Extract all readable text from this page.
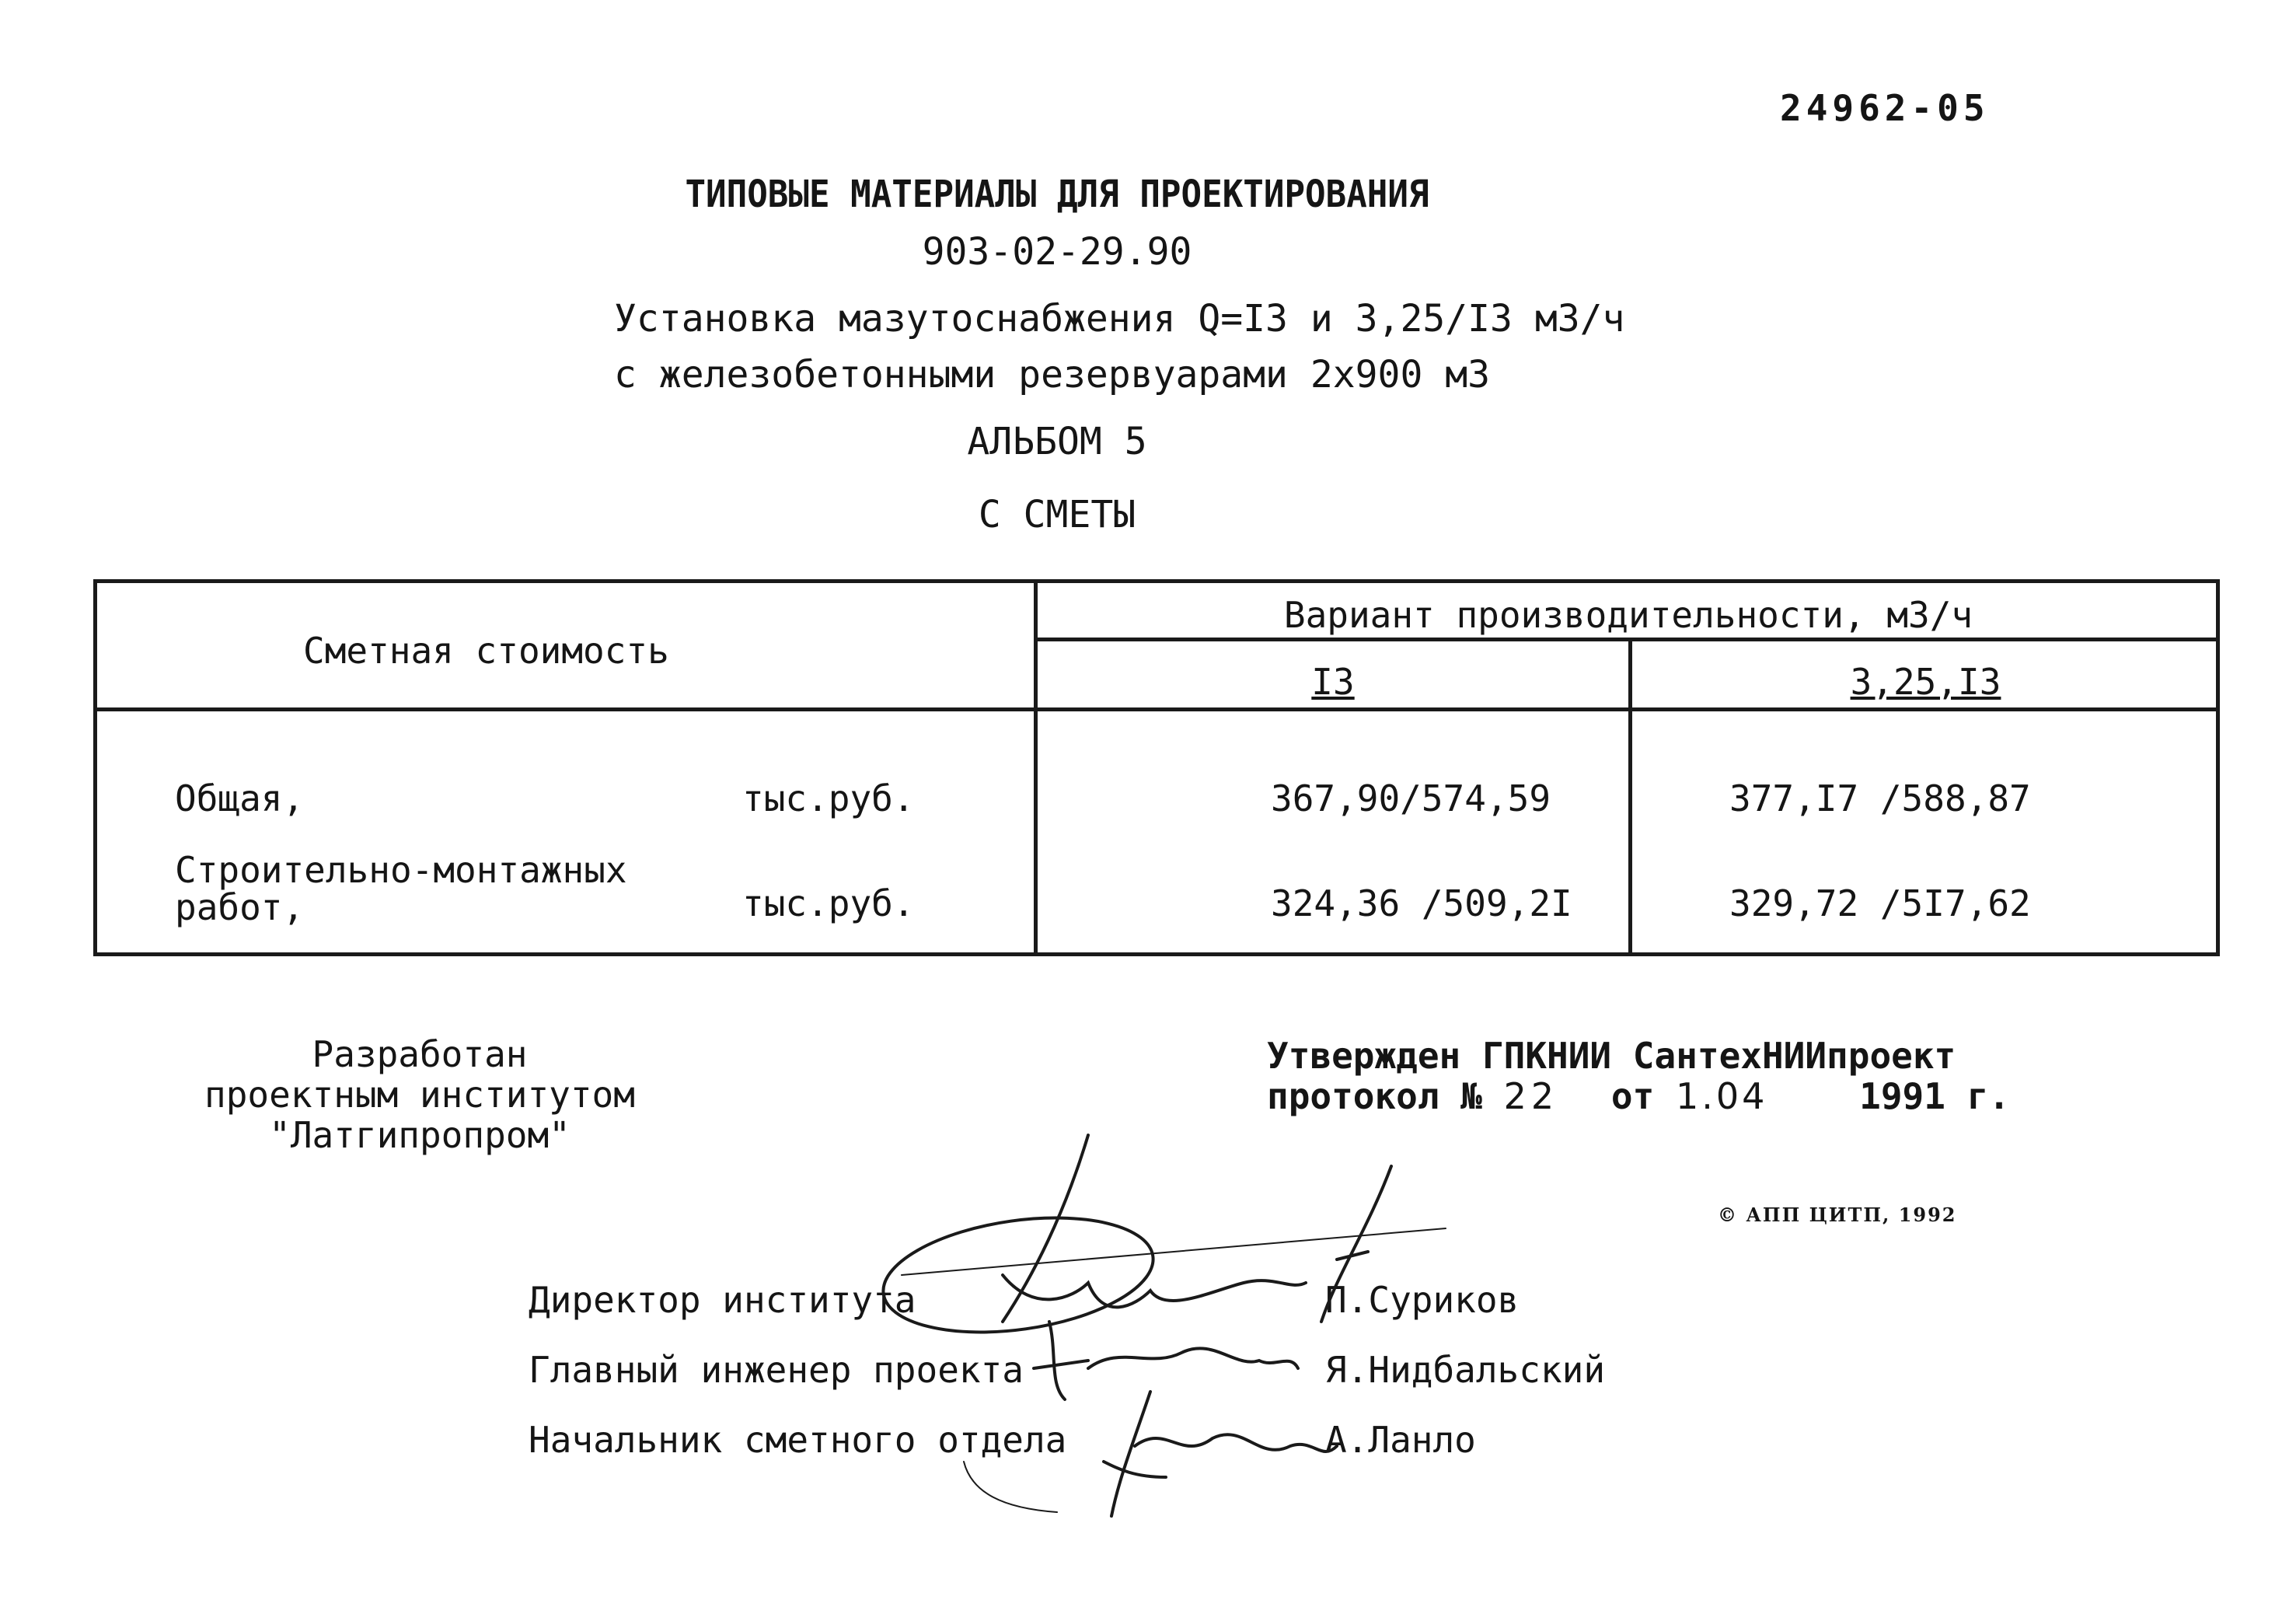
24962-05
ТИПОВЫЕ МАТЕРИАЛЫ ДЛЯ ПРОЕКТИРОВАНИЯ
903-02-29.90
Установка мазутоснабжения Q=I3 и 3,25/I3 м3/ч
с железобетонными резервуарами 2х900 м3
АЛЬБОМ 5
С СМЕТЫ
Сметная стоимость
Вариант производительности, м3/ч
I3	3,25,I3
Общая,	тыс.руб.	367,90/574,59	377,I7 /588,87
Строительно-монтажных
работ,	тыс.руб.	324,36 /509,2I	329,72 /5I7,62
Разработан
проектным институтом
"Латгипропром"
Утвержден ГПКНИИ СантехНИИпроект
протокол № 22 от 1.04	1991 г.
© АПП ЦИТП, 1992
Директор института	П.Суриков
Главный инженер проекта	Я.Нидбальский
Начальник сметного отдела	А.Ланло
